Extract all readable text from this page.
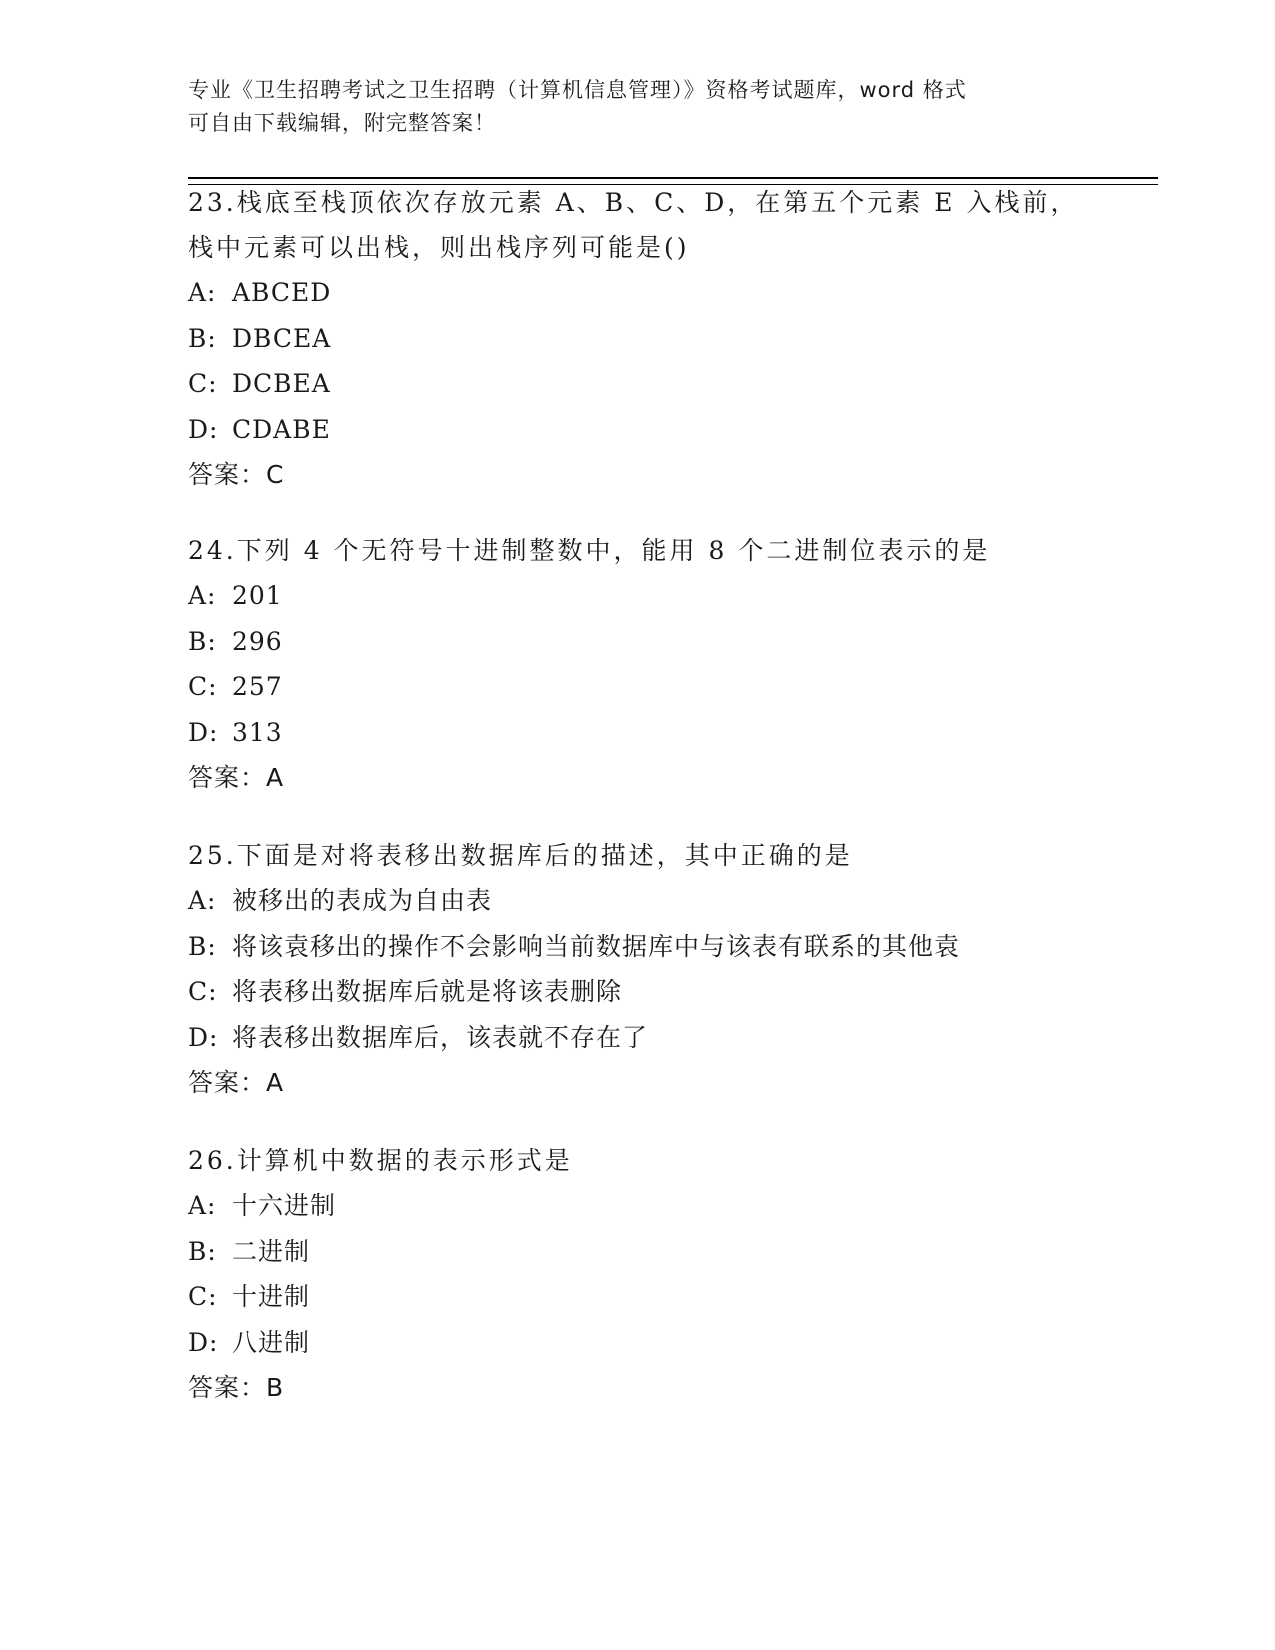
专业《卫生招聘考试之卫生招聘（计算机信息管理）》资格考试题库，word 格式
可自由下载编辑，附完整答案！
23.栈底至栈顶依次存放元素 A、B、C、D，在第五个元素 E 入栈前，栈中元素可以出栈，则出栈序列可能是()
A: ABCED
B: DBCEA
C: DCBEA
D: CDABE
答案：C
24.下列 4 个无符号十进制整数中，能用 8 个二进制位表示的是
A: 201
B: 296
C: 257
D: 313
答案：A
25.下面是对将表移出数据库后的描述，其中正确的是
A: 被移出的表成为自由表
B: 将该袁移出的操作不会影响当前数据库中与该表有联系的其他袁
C: 将表移出数据库后就是将该表删除
D: 将表移出数据库后，该表就不存在了
答案：A
26.计算机中数据的表示形式是
A: 十六进制
B: 二进制
C: 十进制
D: 八进制
答案：B
